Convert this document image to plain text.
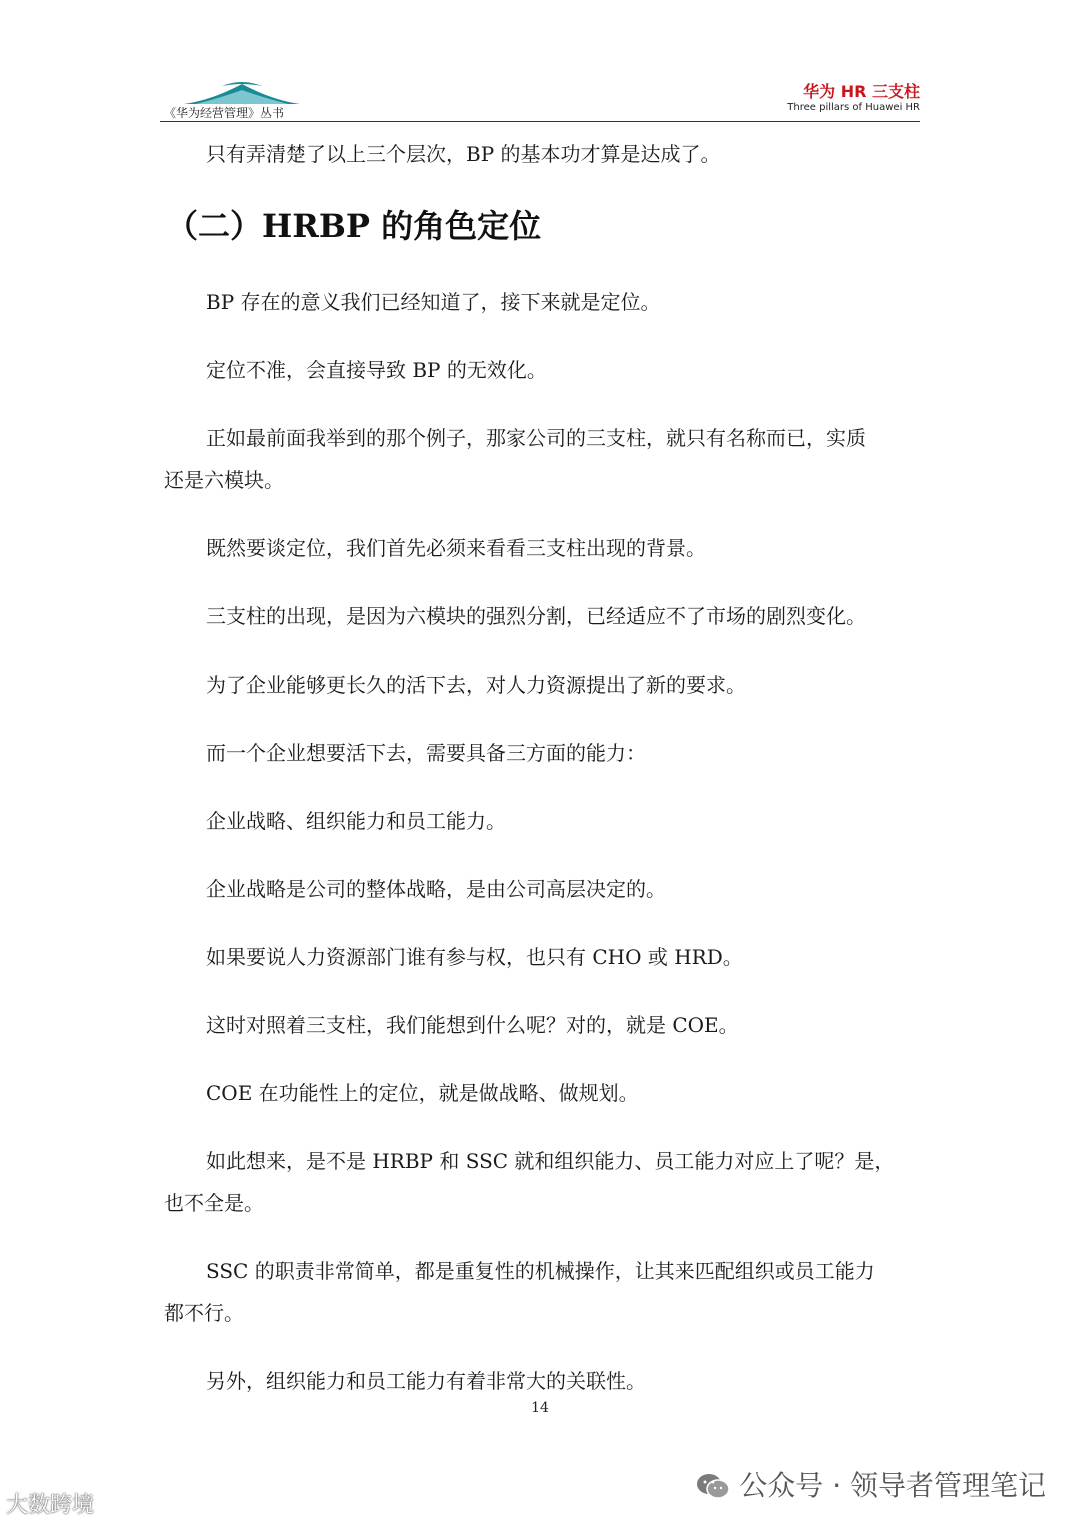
《华为经营管理》丛书
华为 HR 三支柱
Three pillars of Huawei HR
只有弄清楚了以上三个层次，BP 的基本功才算是达成了。
（二）HRBP 的角色定位
BP 存在的意义我们已经知道了，接下来就是定位。
定位不准，会直接导致 BP 的无效化。
正如最前面我举到的那个例子，那家公司的三支柱，就只有名称而已，实质
还是六模块。
既然要谈定位，我们首先必须来看看三支柱出现的背景。
三支柱的出现，是因为六模块的强烈分割，已经适应不了市场的剧烈变化。
为了企业能够更长久的活下去，对人力资源提出了新的要求。
而一个企业想要活下去，需要具备三方面的能力：
企业战略、组织能力和员工能力。
企业战略是公司的整体战略，是由公司高层决定的。
如果要说人力资源部门谁有参与权，也只有 CHO 或 HRD。
这时对照着三支柱，我们能想到什么呢？对的，就是 COE。
COE 在功能性上的定位，就是做战略、做规划。
如此想来，是不是 HRBP 和 SSC 就和组织能力、员工能力对应上了呢？是，
也不全是。
SSC 的职责非常简单，都是重复性的机械操作，让其来匹配组织或员工能力
都不行。
另外，组织能力和员工能力有着非常大的关联性。
14
大数跨境
公众号 · 领导者管理笔记
